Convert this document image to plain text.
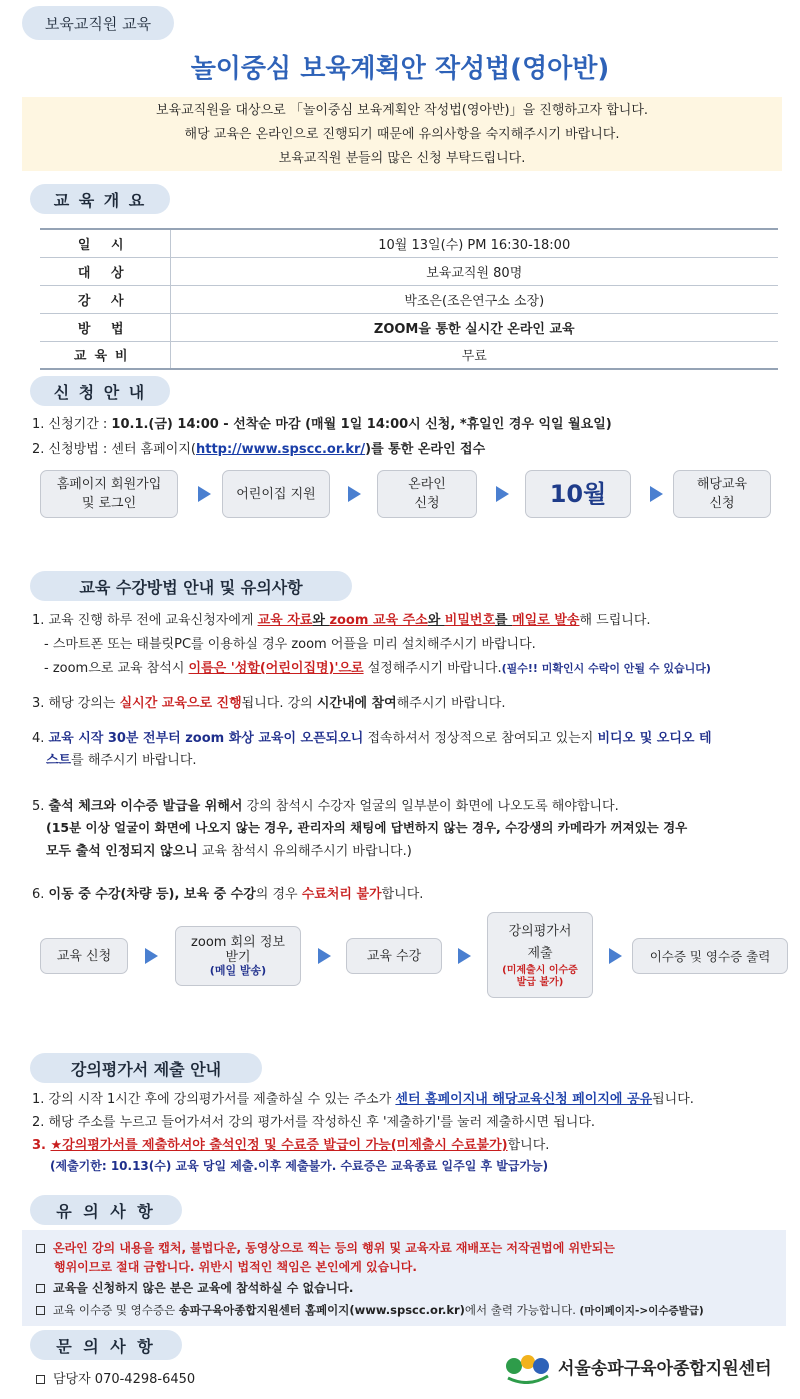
보육교직원 교육
놀이중심 보육계획안 작성법(영아반)
보육교직원을 대상으로 「놀이중심 보육계획안 작성법(영아반)」을 진행하고자 합니다.
해당 교육은 온라인으로 진행되기 때문에 유의사항을 숙지해주시기 바랍니다.
보육교직원 분들의 많은 신청 부탁드립니다.
교 육 개 요
일 시	10월 13일(수) PM 16:30-18:00
대 상	보육교직원 80명
강 사	박조은(조은연구소 소장)
방 법	ZOOM을 통한 실시간 온라인 교육
교육비	무료
신 청 안 내
1. 신청기간 : 10.1.(금) 14:00 - 선착순 마감 (매월 1일 14:00시 신청, *휴일인 경우 익일 월요일)
2. 신청방법 : 센터 홈페이지(http://www.spscc.or.kr/)를 통한 온라인 접수
홈페이지 회원가입
및 로그인
어린이집 지원
온라인
신청	10월	해당교육
신청
교육 수강방법 안내 및 유의사항
1. 교육 진행 하루 전에 교육신청자에게 교육 자료와 zoom 교육 주소와 비밀번호를 메일로 발송해 드립니다.
- 스마트폰 또는 태블릿PC를 이용하실 경우 zoom 어플을 미리 설치해주시기 바랍니다.
- zoom으로 교육 참석시 이름은 '성함(어린이집명)'으로 설정해주시기 바랍니다.(필수!! 미확인시 수락이 안될 수 있습니다)
3. 해당 강의는 실시간 교육으로 진행됩니다. 강의 시간내에 참여해주시기 바랍니다.
4. 교육 시작 30분 전부터 zoom 화상 교육이 오픈되오니 접속하셔서 정상적으로 참여되고 있는지 비디오 및 오디오 테
스트를 해주시기 바랍니다.
5. 출석 체크와 이수증 발급을 위해서 강의 참석시 수강자 얼굴의 일부분이 화면에 나오도록 해야합니다.
(15분 이상 얼굴이 화면에 나오지 않는 경우, 관리자의 채팅에 답변하지 않는 경우, 수강생의 카메라가 꺼져있는 경우
모두 출석 인정되지 않으니 교육 참석시 유의해주시기 바랍니다.)
6. 이동 중 수강(차량 등), 보육 중 수강의 경우 수료처리 불가합니다.
교육 신청
zoom 회의 정보
받기
(메일 발송)
교육 수강
강의평가서
제출
(미제출시 이수증 발급 불가)
이수증 및 영수증 출력
강의평가서 제출 안내
1. 강의 시작 1시간 후에 강의평가서를 제출하실 수 있는 주소가 센터 홈페이지내 해당교육신청 페이지에 공유됩니다.
2. 해당 주소를 누르고 들어가셔서 강의 평가서를 작성하신 후 '제출하기'를 눌러 제출하시면 됩니다.
3. ★강의평가서를 제출하셔야 출석인정 및 수료증 발급이 가능(미제출시 수료불가)합니다.
(제출기한: 10.13(수) 교육 당일 제출.이후 제출불가. 수료증은 교육종료 일주일 후 발급가능)
유 의 사 항
온라인 강의 내용을 캡처, 불법다운, 동영상으로 찍는 등의 행위 및 교육자료 재배포는 저작권법에 위반되는
행위이므로 절대 금합니다. 위반시 법적인 책임은 본인에게 있습니다.
교육을 신청하지 않은 분은 교육에 참석하실 수 없습니다.
교육 이수증 및 영수증은 송파구육아종합지원센터 홈페이지(www.spscc.or.kr)에서 출력 가능합니다. (마이페이지->이수증발급)
문 의 사 항
담당자 070-4298-6450
서울송파구육아종합지원센터
